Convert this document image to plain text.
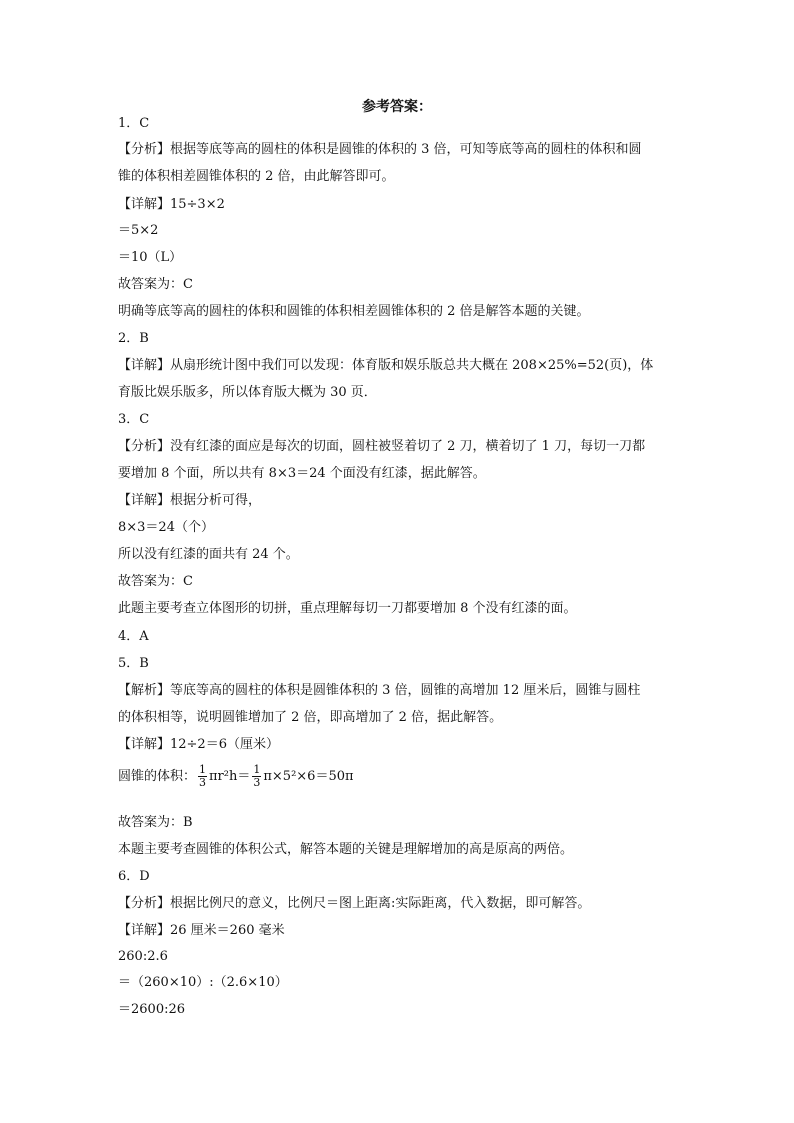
参考答案：
1．C
【分析】根据等底等高的圆柱的体积是圆锥的体积的 3 倍，可知等底等高的圆柱的体积和圆
锥的体积相差圆锥体积的 2 倍，由此解答即可。
【详解】15÷3×2
＝5×2
＝10（L）
故答案为：C
明确等底等高的圆柱的体积和圆锥的体积相差圆锥体积的 2 倍是解答本题的关键。
2．B
【详解】从扇形统计图中我们可以发现：体育版和娱乐版总共大概在 208×25%=52(页)，体
育版比娱乐版多，所以体育版大概为 30 页．
3．C
【分析】没有红漆的面应是每次的切面，圆柱被竖着切了 2 刀，横着切了 1 刀，每切一刀都
要增加 8 个面，所以共有 8×3＝24 个面没有红漆，据此解答。
【详解】根据分析可得，
8×3＝24（个）
所以没有红漆的面共有 24 个。
故答案为：C
此题主要考查立体图形的切拼，重点理解每切一刀都要增加 8 个没有红漆的面。
4．A
5．B
【解析】等底等高的圆柱的体积是圆锥体积的 3 倍，圆锥的高增加 12 厘米后，圆锥与圆柱
的体积相等，说明圆锥增加了 2 倍，即高增加了 2 倍，据此解答。
【详解】12÷2＝6（厘米）
圆锥的体积： $\frac{1}{3} \pi r^2h= \frac{1}{3} \pi\times 5^2\times 6=50\pi$
故答案为：B
本题主要考查圆锥的体积公式，解答本题的关键是理解增加的高是原高的两倍。
6．D
【分析】根据比例尺的意义，比例尺＝图上距离:实际距离，代入数据，即可解答。
【详解】26 厘米＝260 毫米
260:2.6
＝（260×10）:（2.6×10）
＝2600:26
